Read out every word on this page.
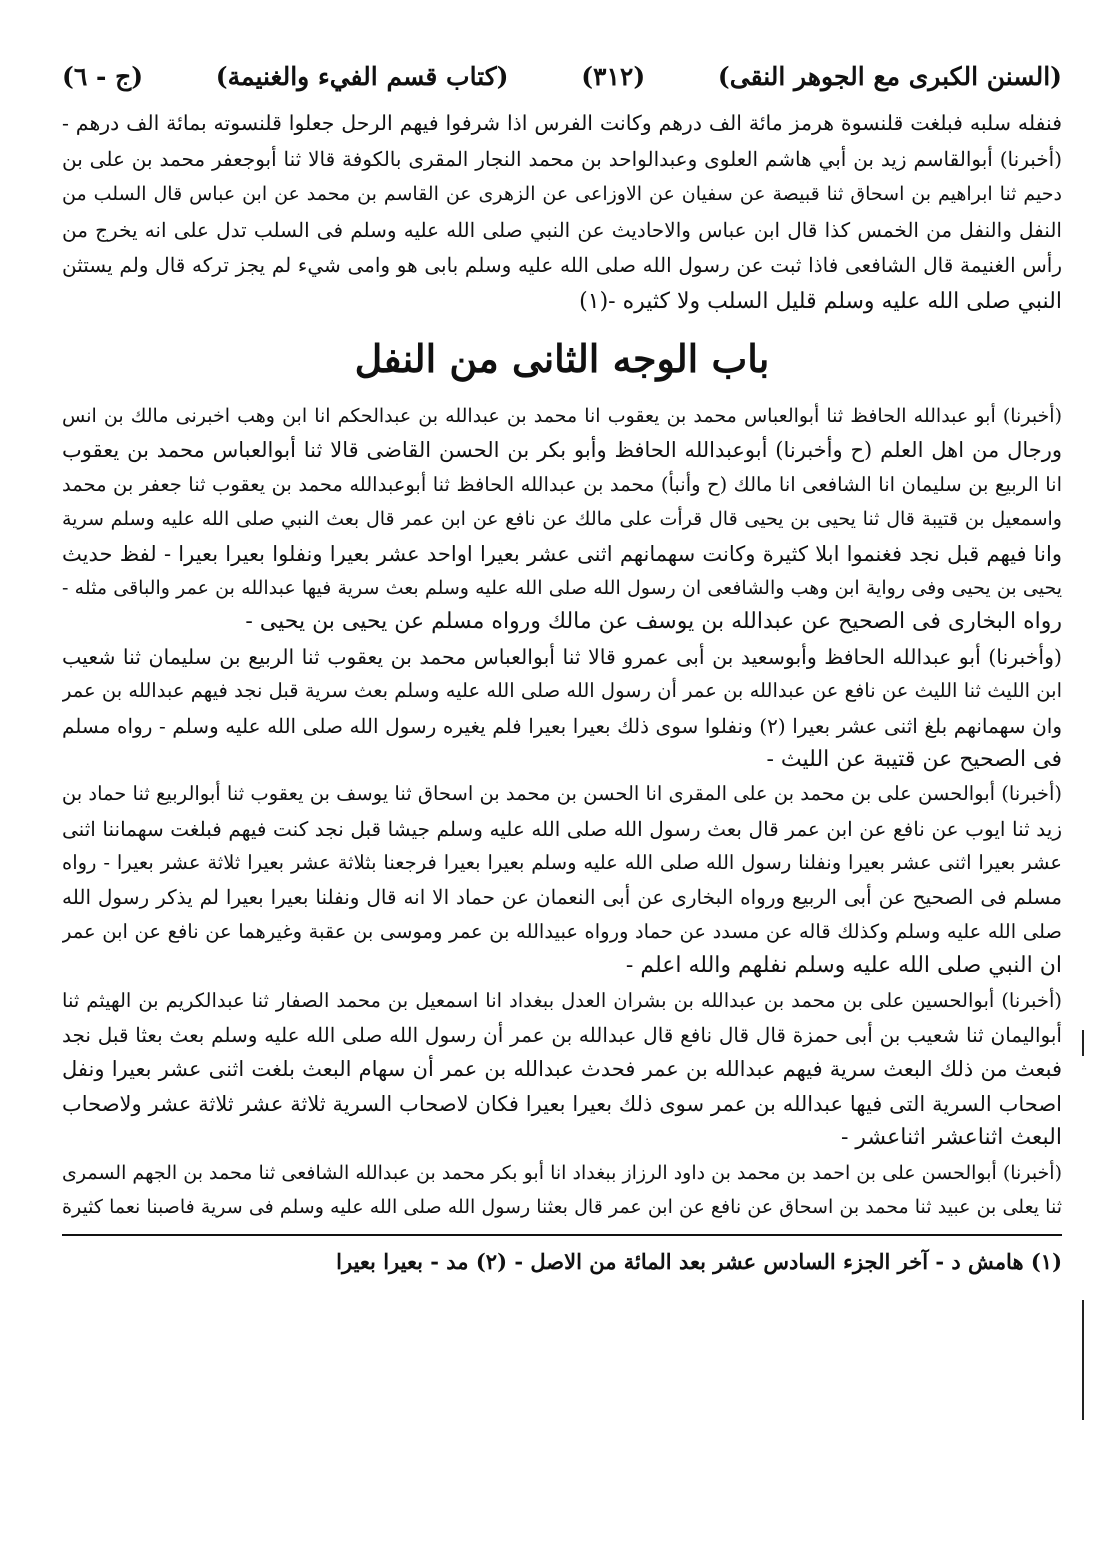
(السنن الكبرى مع الجوهر النقى)
(٣١٢)
(كتاب قسم الفيء والغنيمة)
(ج - ٦)
فنفله سلبه فبلغت قلنسوة هرمز مائة الف درهم وكانت الفرس اذا شرفوا فيهم الرحل جعلوا قلنسوته بمائة الف درهم -
(أخبرنا) أبوالقاسم زيد بن أبي هاشم العلوى وعبدالواحد بن محمد النجار المقرى بالكوفة قالا ثنا أبوجعفر محمد بن على بن
دحيم ثنا ابراهيم بن اسحاق ثنا قبيصة عن سفيان عن الاوزاعى عن الزهرى عن القاسم بن محمد عن ابن عباس قال السلب من
النفل والنفل من الخمس كذا قال ابن عباس والاحاديث عن النبي صلى الله عليه وسلم فى السلب تدل على انه يخرج من
رأس الغنيمة قال الشافعى فاذا ثبت عن رسول الله صلى الله عليه وسلم بابى هو وامى شيء لم يجز تركه قال ولم يستثن
النبي صلى الله عليه وسلم قليل السلب ولا كثيره -(١)
باب الوجه الثانى من النفل
(أخبرنا) أبو عبدالله الحافظ ثنا أبوالعباس محمد بن يعقوب انا محمد بن عبدالله بن عبدالحكم انا ابن وهب اخبرنى مالك بن انس
ورجال من اهل العلم (ح وأخبرنا) أبوعبدالله الحافظ وأبو بكر بن الحسن القاضى قالا ثنا أبوالعباس محمد بن يعقوب
انا الربيع بن سليمان انا الشافعى انا مالك (ح وأنبأ) محمد بن عبدالله الحافظ ثنا أبوعبدالله محمد بن يعقوب ثنا جعفر بن محمد
واسمعيل بن قتيبة قال ثنا يحيى بن يحيى قال قرأت على مالك عن نافع عن ابن عمر قال بعث النبي صلى الله عليه وسلم سرية
وانا فيهم قبل نجد فغنموا ابلا كثيرة وكانت سهمانهم اثنى عشر بعيرا اواحد عشر بعيرا ونفلوا بعيرا بعيرا - لفظ حديث
يحيى بن يحيى وفى رواية ابن وهب والشافعى ان رسول الله صلى الله عليه وسلم بعث سرية فيها عبدالله بن عمر والباقى مثله -
رواه البخارى فى الصحيح عن عبدالله بن يوسف عن مالك ورواه مسلم عن يحيى بن يحيى -
(وأخبرنا) أبو عبدالله الحافظ وأبوسعيد بن أبى عمرو قالا ثنا أبوالعباس محمد بن يعقوب ثنا الربيع بن سليمان ثنا شعيب
ابن الليث ثنا الليث عن نافع عن عبدالله بن عمر أن رسول الله صلى الله عليه وسلم بعث سرية قبل نجد فيهم عبدالله بن عمر
وان سهمانهم بلغ اثنى عشر بعيرا (٢) ونفلوا سوى ذلك بعيرا بعيرا فلم يغيره رسول الله صلى الله عليه وسلم - رواه مسلم
فى الصحيح عن قتيبة عن الليث -
(أخبرنا) أبوالحسن على بن محمد بن على المقرى انا الحسن بن محمد بن اسحاق ثنا يوسف بن يعقوب ثنا أبوالربيع ثنا حماد بن
زيد ثنا ايوب عن نافع عن ابن عمر قال بعث رسول الله صلى الله عليه وسلم جيشا قبل نجد كنت فيهم فبلغت سهماننا اثنى
عشر بعيرا اثنى عشر بعيرا ونفلنا رسول الله صلى الله عليه وسلم بعيرا بعيرا فرجعنا بثلاثة عشر بعيرا ثلاثة عشر بعيرا - رواه
مسلم فى الصحيح عن أبى الربيع ورواه البخارى عن أبى النعمان عن حماد الا انه قال ونفلنا بعيرا بعيرا لم يذكر رسول الله
صلى الله عليه وسلم وكذلك قاله عن مسدد عن حماد ورواه عبيدالله بن عمر وموسى بن عقبة وغيرهما عن نافع عن ابن عمر
ان النبي صلى الله عليه وسلم نفلهم والله اعلم -
(أخبرنا) أبوالحسين على بن محمد بن عبدالله بن بشران العدل ببغداد انا اسمعيل بن محمد الصفار ثنا عبدالكريم بن الهيثم ثنا
أبواليمان ثنا شعيب بن أبى حمزة قال قال نافع قال عبدالله بن عمر أن رسول الله صلى الله عليه وسلم بعث بعثا قبل نجد
فبعث من ذلك البعث سرية فيهم عبدالله بن عمر فحدث عبدالله بن عمر أن سهام البعث بلغت اثنى عشر بعيرا ونفل
اصحاب السرية التى فيها عبدالله بن عمر سوى ذلك بعيرا بعيرا فكان لاصحاب السرية ثلاثة عشر ثلاثة عشر ولاصحاب
البعث اثناعشر اثناعشر -
(أخبرنا) أبوالحسن على بن احمد بن محمد بن داود الرزاز ببغداد انا أبو بكر محمد بن عبدالله الشافعى ثنا محمد بن الجهم السمرى
ثنا يعلى بن عبيد ثنا محمد بن اسحاق عن نافع عن ابن عمر قال بعثنا رسول الله صلى الله عليه وسلم فى سرية فاصبنا نعما كثيرة
(١) هامش د - آخر الجزء السادس عشر بعد المائة من الاصل - (٢) مد - بعيرا بعيرا
